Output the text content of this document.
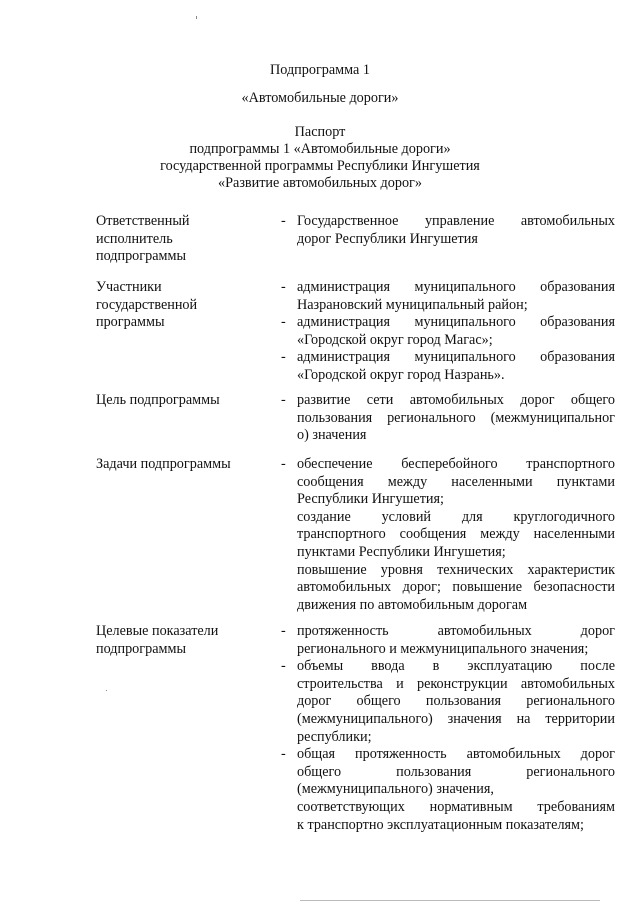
Подпрограмма 1
«Автомобильные дороги»
Паспорт
подпрограммы 1 «Автомобильные дороги»
государственной программы Республики Ингушетия
«Развитие автомобильных дорог»
Ответственный
исполнитель
подпрограммы
- Государственное управление автомобильных
дорог Республики Ингушетия
Участники
государственной
программы
- администрация муниципального образования
Назрановский муниципальный район;
- администрация муниципального образования
«Городской округ город Магас»;
- администрация муниципального образования
«Городской округ город Назрань».
Цель подпрограммы	- развитие сети автомобильных дорог общего
пользования регионального (межмуниципальног
о) значения
Задачи подпрограммы	- обеспечение бесперебойного транспортного
сообщения между населенными пунктами
Республики Ингушетия;
создание условий для круглогодичного
транспортного сообщения между населенными
пунктами Республики Ингушетия;
повышение уровня технических характеристик
автомобильных дорог; повышение безопасности
движения по автомобильным дорогам
Целевые показатели
подпрограммы
- протяженность автомобильных дорог
регионального и межмуниципального значения;
- объемы ввода в эксплуатацию после
строительства и реконструкции автомобильных
дорог общего пользования регионального
(межмуниципального) значения на территории
республики;
- общая протяженность автомобильных дорог
общего пользования регионального
(межмуниципального) значения,
соответствующих нормативным требованиям
к транспортно эксплуатационным показателям;
